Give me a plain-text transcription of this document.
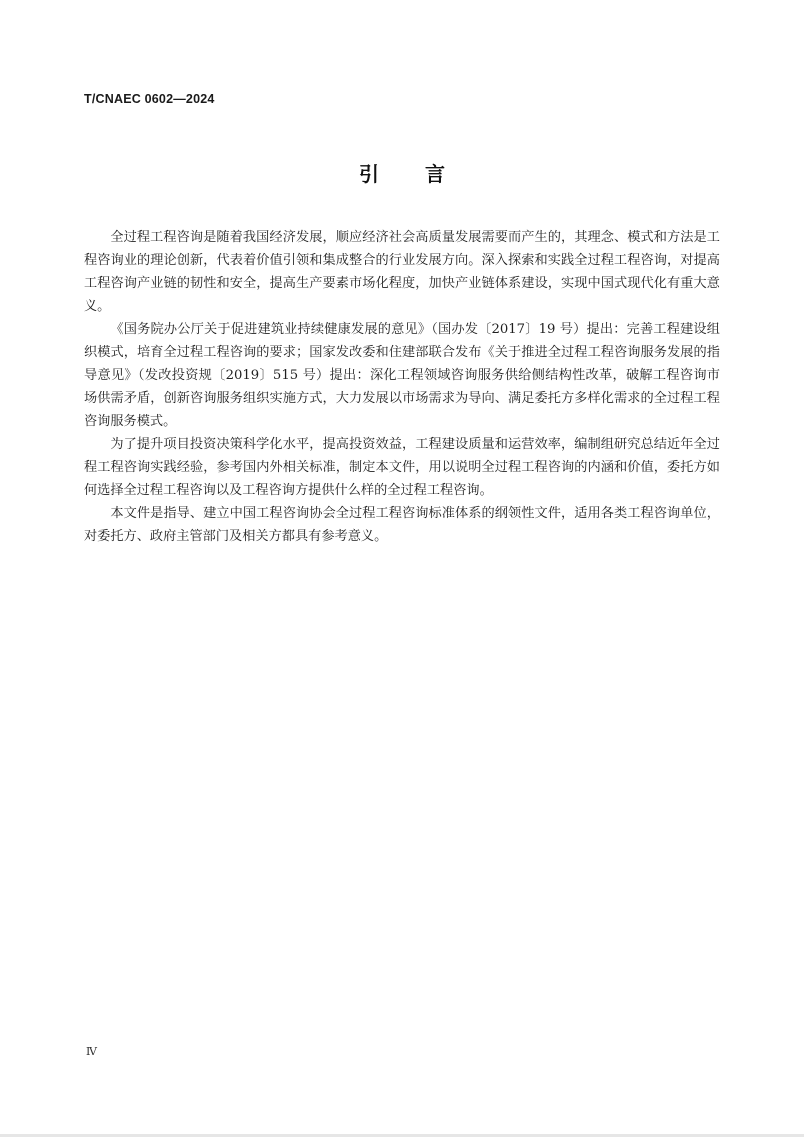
T/CNAEC 0602—2024
引言

全过程工程咨询是随着我国经济发展，顺应经济社会高质量发展需要而产生的，其理念、模式和方法是工程咨询业的理论创新，代表着价值引领和集成整合的行业发展方向。深入探索和实践全过程工程咨询，对提高工程咨询产业链的韧性和安全，提高生产要素市场化程度，加快产业链体系建设，实现中国式现代化有重大意义。

《国务院办公厅关于促进建筑业持续健康发展的意见》（国办发〔2017〕19 号）提出：完善工程建设组织模式，培育全过程工程咨询的要求；国家发改委和住建部联合发布《关于推进全过程工程咨询服务发展的指导意见》（发改投资规〔2019〕515 号）提出：深化工程领域咨询服务供给侧结构性改革，破解工程咨询市场供需矛盾，创新咨询服务组织实施方式，大力发展以市场需求为导向、满足委托方多样化需求的全过程工程咨询服务模式。

为了提升项目投资决策科学化水平，提高投资效益，工程建设质量和运营效率，编制组研究总结近年全过程工程咨询实践经验，参考国内外相关标准，制定本文件，用以说明全过程工程咨询的内涵和价值，委托方如何选择全过程工程咨询以及工程咨询方提供什么样的全过程工程咨询。

本文件是指导、建立中国工程咨询协会全过程工程咨询标准体系的纲领性文件，适用各类工程咨询单位，对委托方、政府主管部门及相关方都具有参考意义。

Ⅳ
